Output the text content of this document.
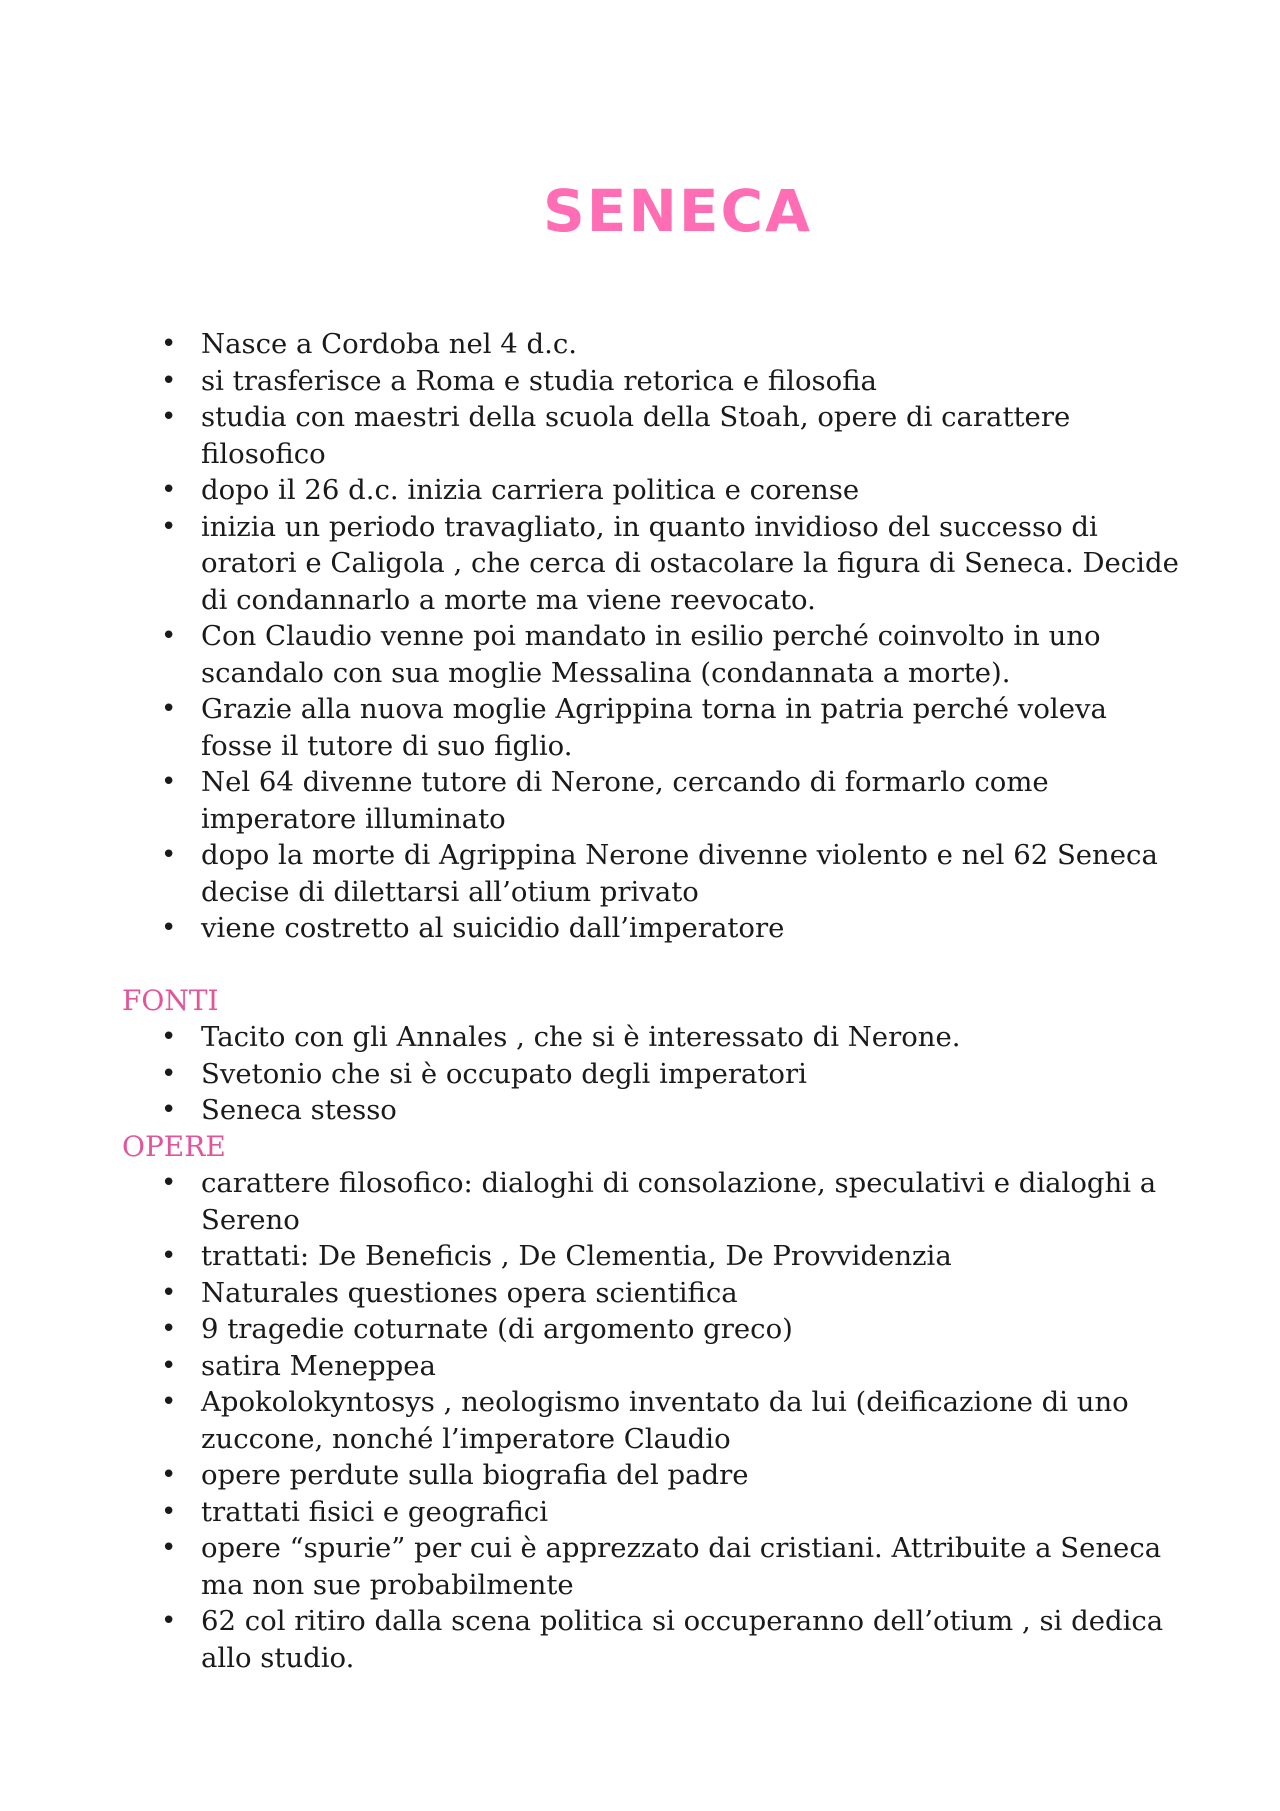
SENECA
• Nasce a Cordoba nel 4 d.c.
• si trasferisce a Roma e studia retorica e filosofia
• studia con maestri della scuola della Stoah, opere di carattere filosofico
• dopo il 26 d.c. inizia carriera politica e corense
• inizia un periodo travagliato, in quanto invidioso del successo di oratori e Caligola , che cerca di ostacolare la figura di Seneca. Decide di condannarlo a morte ma viene reevocato.
• Con Claudio venne poi mandato in esilio perché coinvolto in uno scandalo con sua moglie Messalina (condannata a morte).
• Grazie alla nuova moglie Agrippina torna in patria perché voleva fosse il tutore di suo figlio.
• Nel 64 divenne tutore di Nerone, cercando di formarlo come imperatore illuminato
• dopo la morte di Agrippina Nerone divenne violento e nel 62 Seneca decise di dilettarsi all’otium privato
• viene costretto al suicidio dall’imperatore
FONTI
• Tacito con gli Annales , che si è interessato di Nerone.
• Svetonio che si è occupato degli imperatori
• Seneca stesso
OPERE
• carattere filosofico: dialoghi di consolazione, speculativi e dialoghi a Sereno
• trattati: De Beneficis , De Clementia, De Provvidenzia
• Naturales questiones opera scientifica
• 9 tragedie coturnate (di argomento greco)
• satira Meneppea
• Apokolokyntosys , neologismo inventato da lui (deificazione di uno zuccone, nonché l’imperatore Claudio
• opere perdute sulla biografia del padre
• trattati fisici e geografici
• opere “spurie” per cui è apprezzato dai cristiani. Attribuite a Seneca ma non sue probabilmente
• 62 col ritiro dalla scena politica si occuperanno dell’otium , si dedica allo studio.
